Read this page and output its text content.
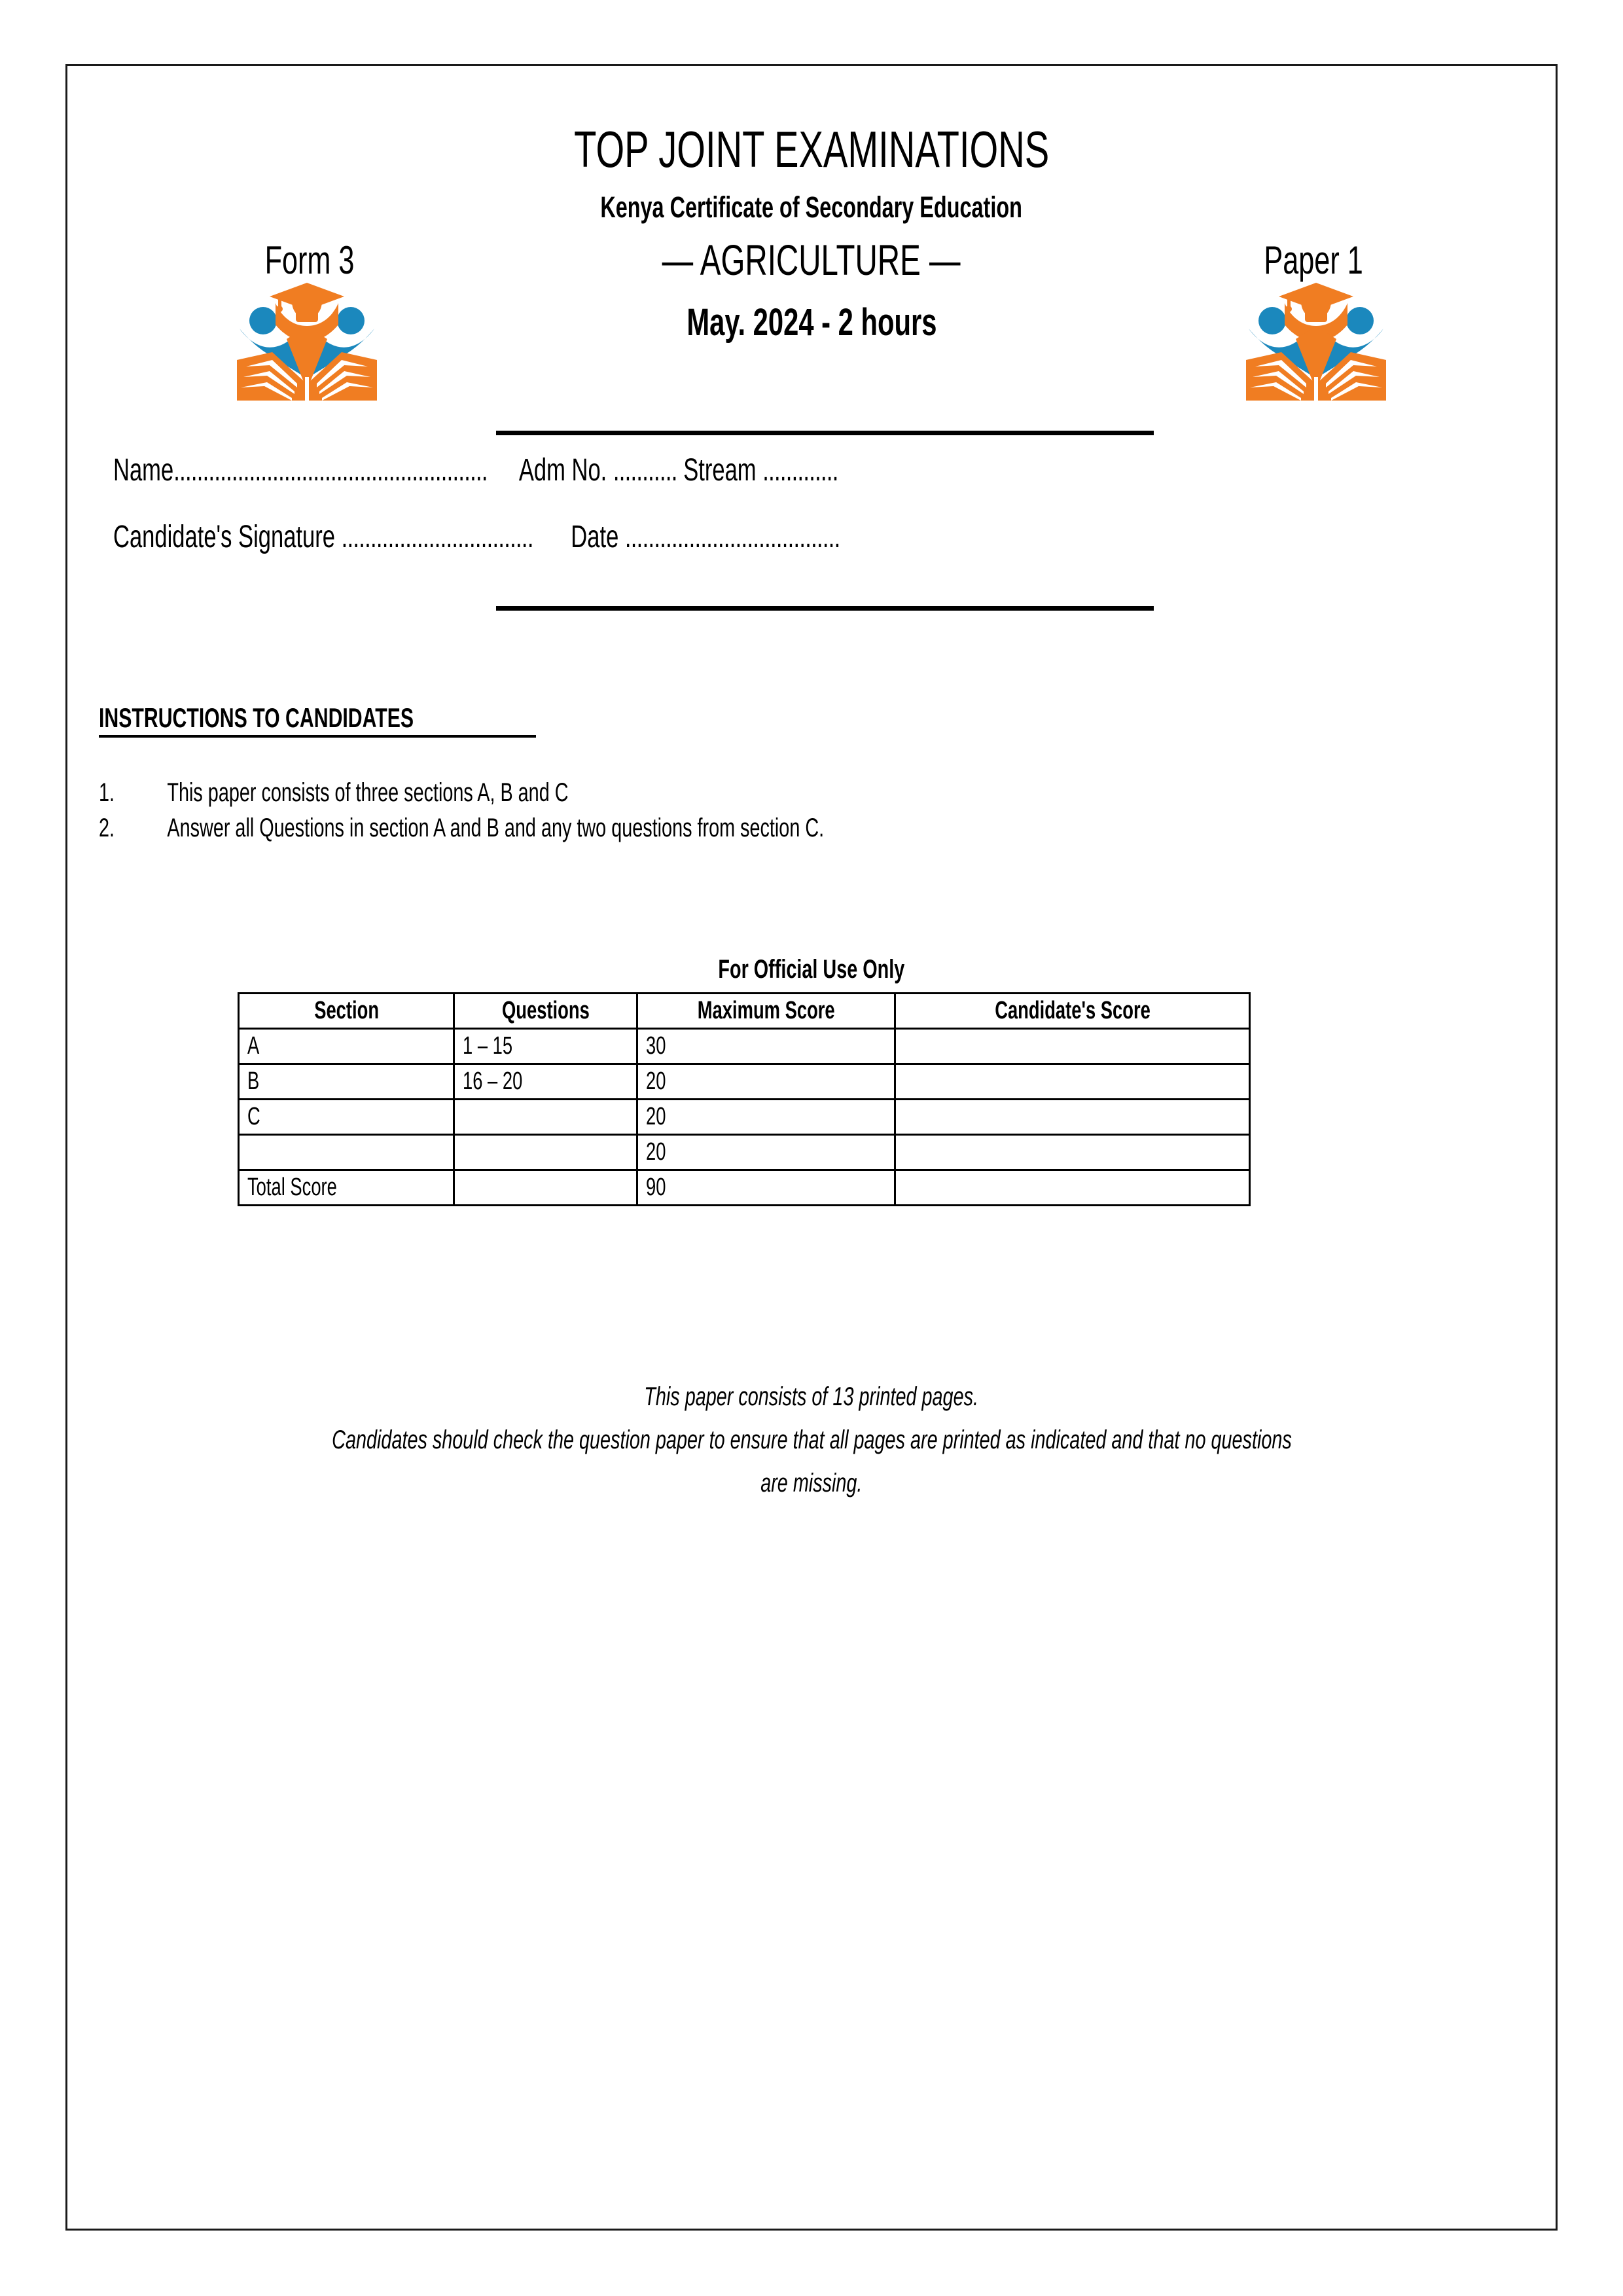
TOP JOINT EXAMINATIONS
Kenya Certificate of Secondary Education
Form 3	— AGRICULTURE —	Paper 1
May. 2024 - 2 hours
Name...................................................... Adm No. ........... Stream .............
Candidate's Signature ................................. Date .....................................
INSTRUCTIONS TO CANDIDATES
1. This paper consists of three sections A, B and C
2. Answer all Questions in section A and B and any two questions from section C.
For Official Use Only
Section	Questions	Maximum Score	Candidate's Score
A	1 – 15	30	
B	16 – 20	20	
C		20	
		20	
Total Score		90	
This paper consists of 13 printed pages.
Candidates should check the question paper to ensure that all pages are printed as indicated and that no questions
are missing.
